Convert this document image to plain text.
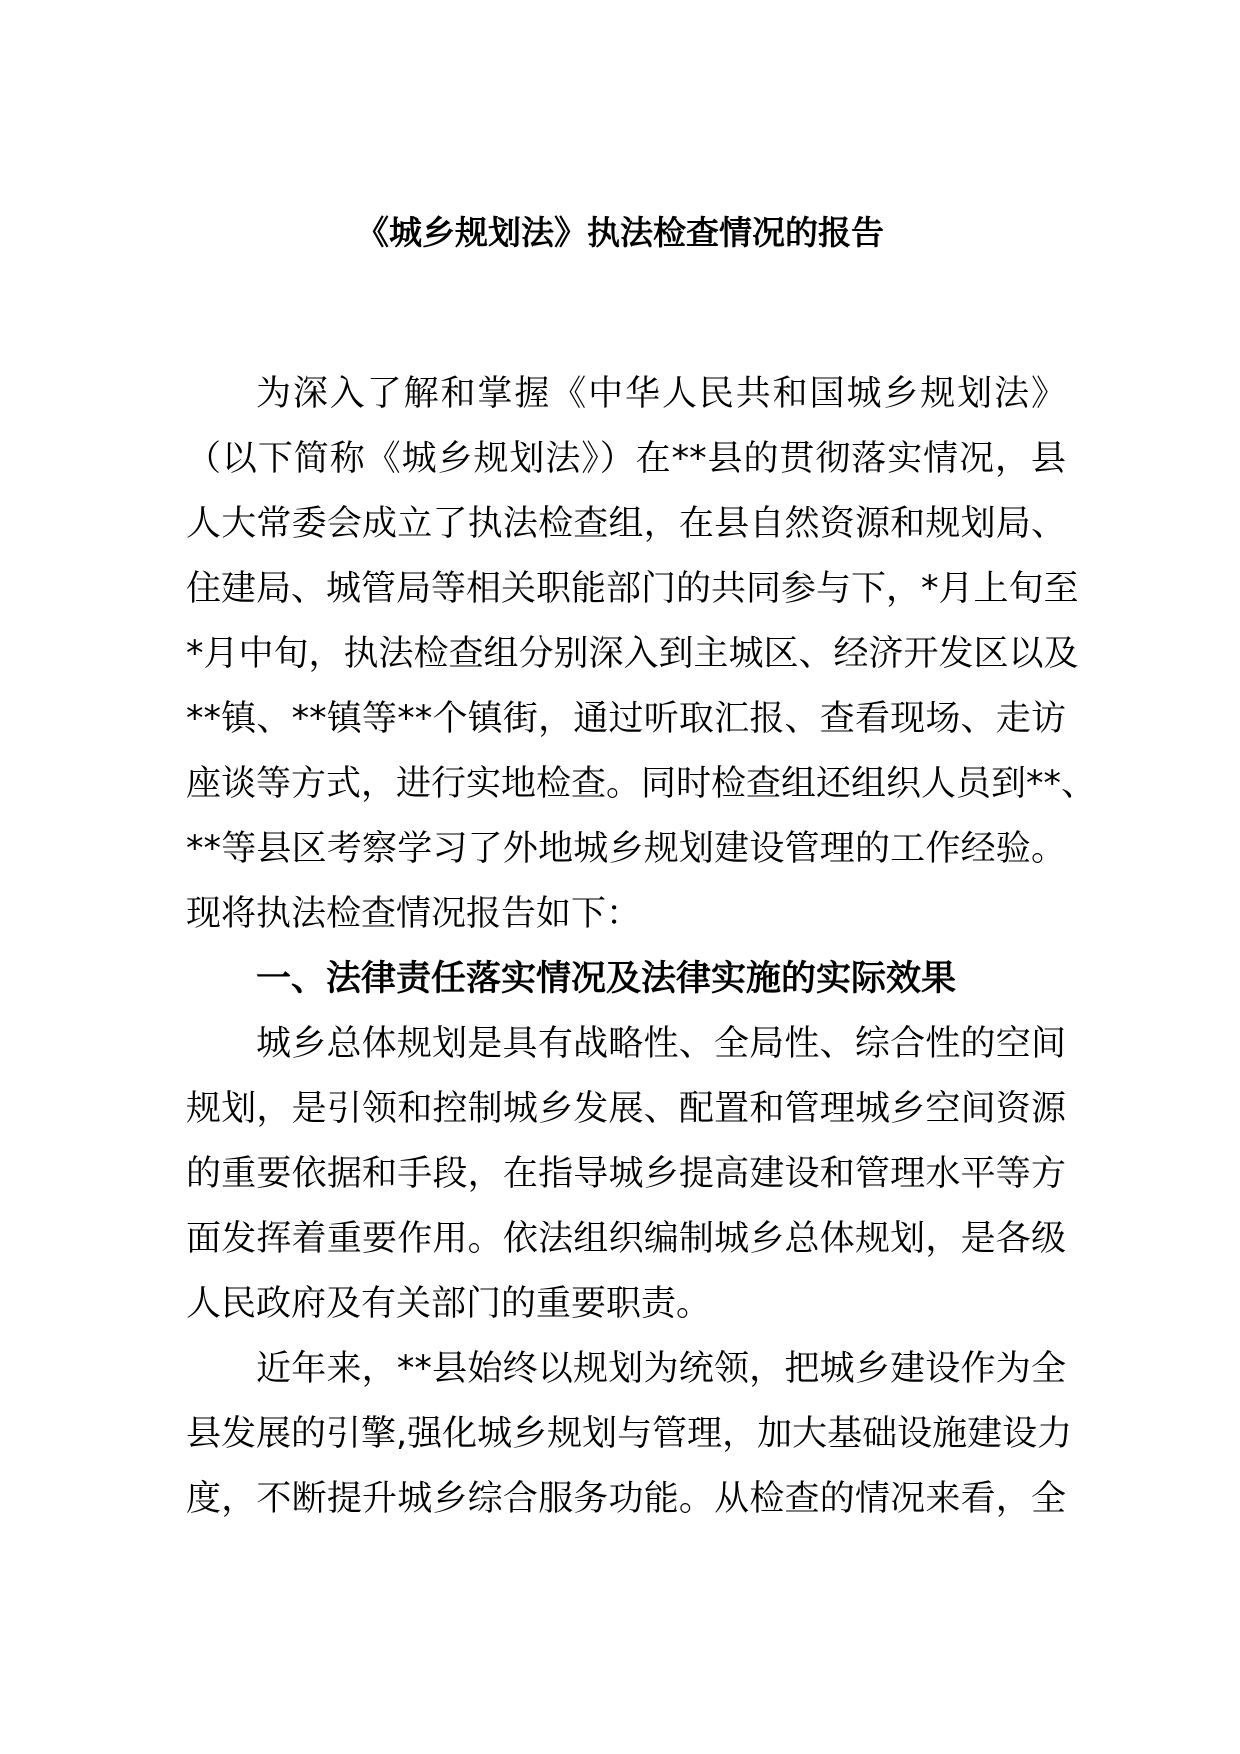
《城乡规划法》执法检查情况的报告
为深入了解和掌握《中华人民共和国城乡规划法》
（以下简称《城乡规划法》）在**县的贯彻落实情况，县
人大常委会成立了执法检查组，在县自然资源和规划局、
住建局、城管局等相关职能部门的共同参与下，*月上旬至
*月中旬，执法检查组分别深入到主城区、经济开发区以及
**镇、**镇等**个镇街，通过听取汇报、查看现场、走访
座谈等方式，进行实地检查。同时检查组还组织人员到**、
**等县区考察学习了外地城乡规划建设管理的工作经验。
现将执法检查情况报告如下：
一、法律责任落实情况及法律实施的实际效果
城乡总体规划是具有战略性、全局性、综合性的空间
规划，是引领和控制城乡发展、配置和管理城乡空间资源
的重要依据和手段，在指导城乡提高建设和管理水平等方
面发挥着重要作用。依法组织编制城乡总体规划，是各级
人民政府及有关部门的重要职责。
近年来，**县始终以规划为统领，把城乡建设作为全
县发展的引擎,强化城乡规划与管理，加大基础设施建设力
度，不断提升城乡综合服务功能。从检查的情况来看，全
